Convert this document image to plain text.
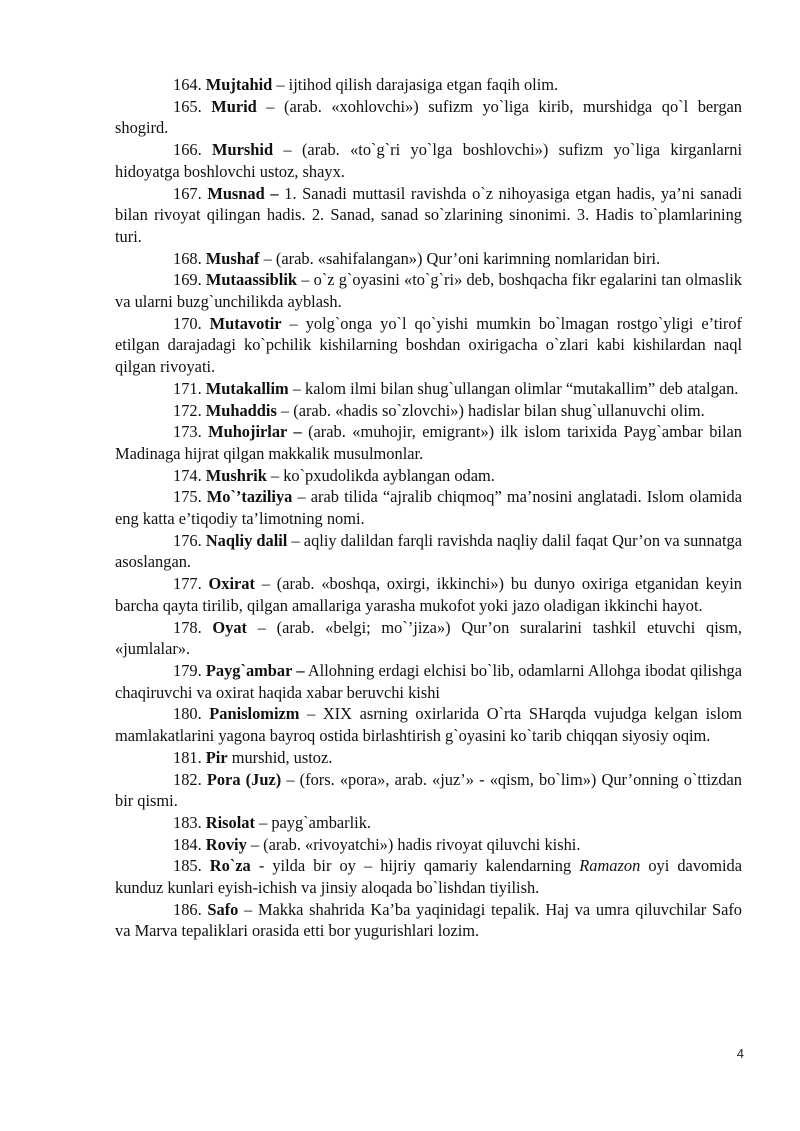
164. Mujtahid – ijtihod qilish darajasiga etgan faqih olim.

165. Murid – (arab. «xohlovchi») sufizm yo`liga kirib, murshidga qo`l bergan shogird.

166. Murshid – (arab. «to`g`ri yo`lga boshlovchi») sufizm yo`liga kirganlarni hidoyatga boshlovchi ustoz, shayx.

167. Musnad – 1. Sanadi muttasil ravishda o`z nihoyasiga etgan hadis, ya’ni sanadi bilan rivoyat qilingan hadis. 2. Sanad, sanad so`zlarining sinonimi. 3. Hadis to`plamlarining turi.

168. Mushaf – (arab. «sahifalangan») Qur’oni karimning nomlaridan biri.

169. Mutaassiblik – o`z g`oyasini «to`g`ri» deb, boshqacha fikr egalarini tan olmaslik va ularni buzg`unchilikda ayblash.

170. Mutavotir – yolg`onga yo`l qo`yishi mumkin bo`lmagan rostgo`yligi e’tirof etilgan darajadagi ko`pchilik kishilarning boshdan oxirigacha o`zlari kabi kishilardan naql qilgan rivoyati.

171. Mutakallim – kalom ilmi bilan shug`ullangan olimlar “mutakallim” deb atalgan.

172. Muhaddis – (arab. «hadis so`zlovchi») hadislar bilan shug`ullanuvchi olim.

173. Muhojirlar – (arab. «muhojir, emigrant») ilk islom tarixida Payg`ambar bilan Madinaga hijrat qilgan makkalik musulmonlar.

174. Mushrik – ko`pxudolikda ayblangan odam.

175. Mo`’taziliya – arab tilida “ajralib chiqmoq” ma’nosini anglatadi. Islom olamida eng katta e’tiqodiy ta’limotning nomi.

176. Naqliy dalil – aqliy dalildan farqli ravishda naqliy dalil faqat Qur’on va sunnatga asoslangan.

177. Oxirat – (arab. «boshqa, oxirgi, ikkinchi») bu dunyo oxiriga etganidan keyin barcha qayta tirilib, qilgan amallariga yarasha mukofot yoki jazo oladigan ikkinchi hayot.

178. Oyat – (arab. «belgi; mo`’jiza») Qur’on suralarini tashkil etuvchi qism, «jumlalar».

179. Payg`ambar – Allohning erdagi elchisi bo`lib, odamlarni Allohga ibodat qilishga chaqiruvchi va oxirat haqida xabar beruvchi kishi

180. Panislomizm – XIX asrning oxirlarida O`rta SHarqda vujudga kelgan islom mamlakatlarini yagona bayroq ostida birlashtirish g`oyasini ko`tarib chiqqan siyosiy oqim.

181. Pir murshid, ustoz.

182. Pora (Juz) – (fors. «pora», arab. «juz’» - «qism, bo`lim») Qur’onning o`ttizdan bir qismi.

183. Risolat – payg`ambarlik.

184. Roviy – (arab. «rivoyatchi») hadis rivoyat qiluvchi kishi.

185. Ro`za - yilda bir oy – hijriy qamariy kalendarning Ramazon oyi davomida kunduz kunlari eyish-ichish va jinsiy aloqada bo`lishdan tiyilish.

186. Safo – Makka shahrida Ka’ba yaqinidagi tepalik. Haj va umra qiluvchilar Safo va Marva tepaliklari orasida etti bor yugurishlari lozim.

4
